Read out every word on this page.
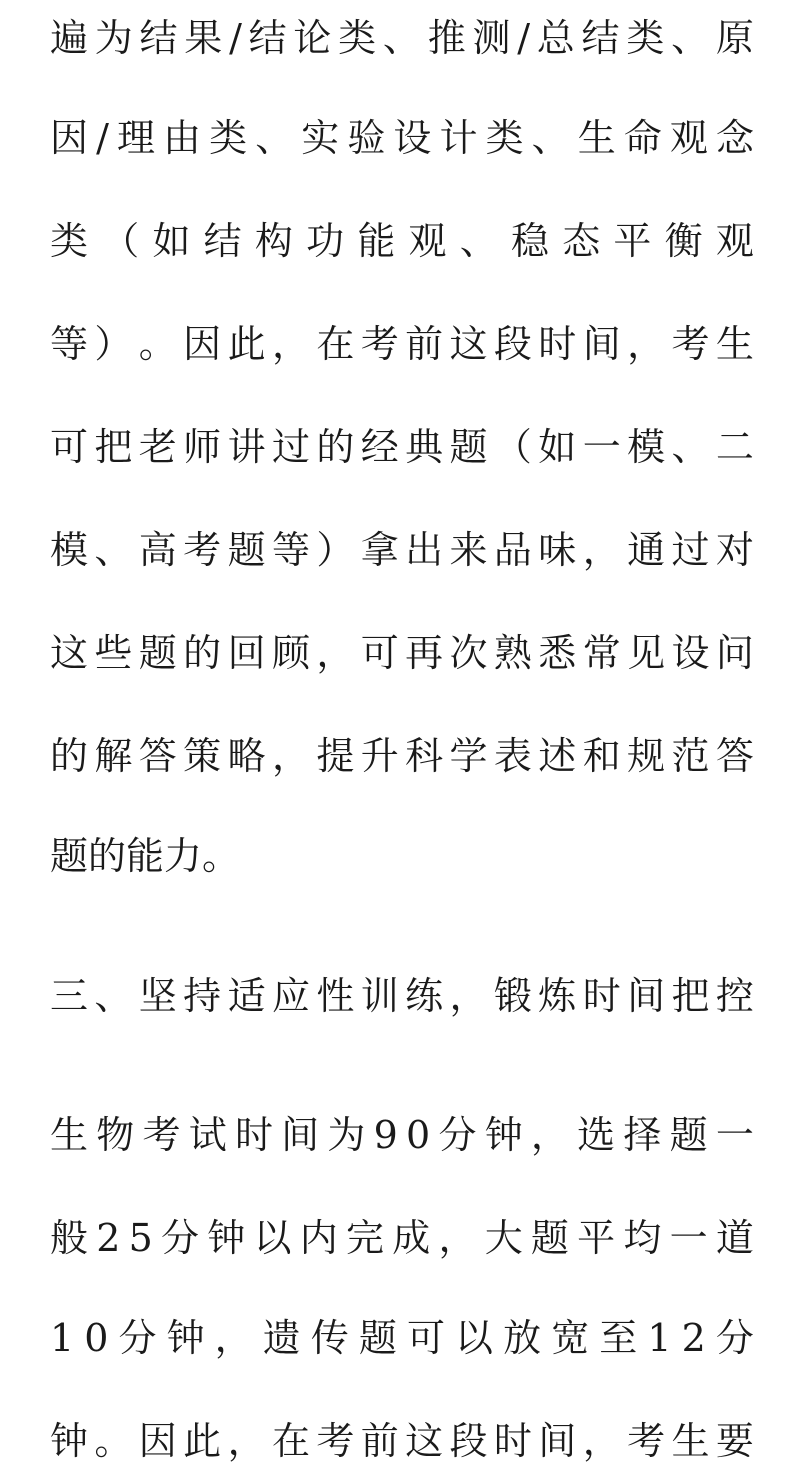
遍 为 结 果 / 结 论 类 、 推 测 / 总 结 类 、 原
因 / 理 由 类 、 实 验 设 计 类 、 生 命 观 念
类 （ 如 结 构 功 能 观 、 稳 态 平 衡 观
等 ） 。 因 此 ， 在 考 前 这 段 时 间 ， 考 生
可 把 老 师 讲 过 的 经 典 题 （ 如 一 模 、 二
模 、 高 考 题 等 ） 拿 出 来 品 味 ， 通 过 对
这 些 题 的 回 顾 ， 可 再 次 熟 悉 常 见 设 问
的 解 答 策 略 ， 提 升 科 学 表 述 和 规 范 答
题的能力。
三 、 坚 持 适 应 性 训 练 ， 锻 炼 时 间 把 控
生 物 考 试 时 间 为 9 0 分 钟 ， 选 择 题 一
般 2 5 分 钟 以 内 完 成 ， 大 题 平 均 一 道
1 0 分 钟 ， 遗 传 题 可 以 放 宽 至 1 2 分
钟 。 因 此 ， 在 考 前 这 段 时 间 ， 考 生 要
